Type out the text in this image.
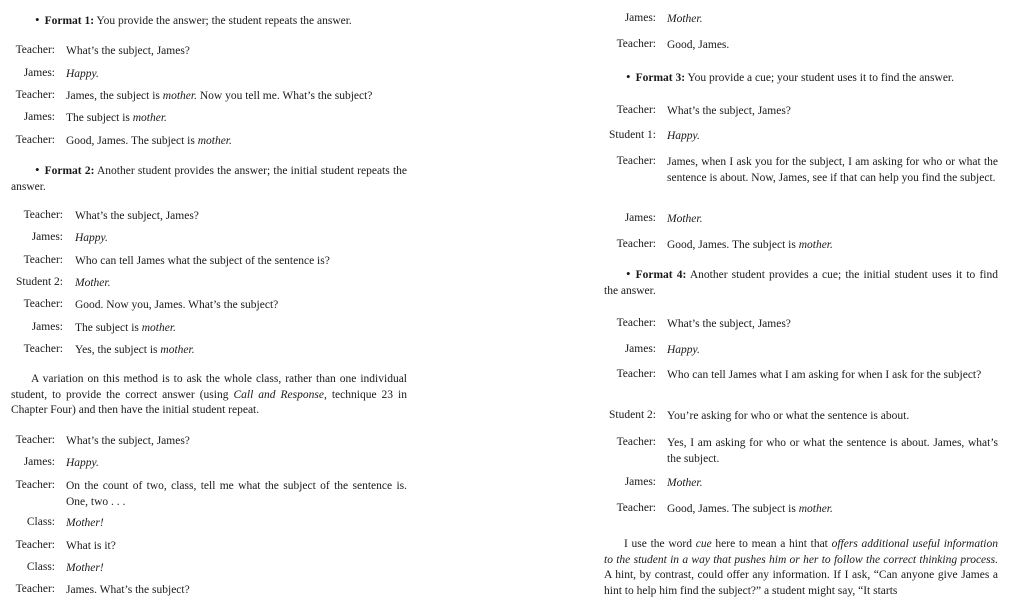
• Format 1: You provide the answer; the student repeats the answer.
Teacher: What’s the subject, James?
James: Happy.
Teacher: James, the subject is mother. Now you tell me. What’s the subject?
James: The subject is mother.
Teacher: Good, James. The subject is mother.
• Format 2: Another student provides the answer; the initial student repeats the answer.
Teacher: What’s the subject, James?
James: Happy.
Teacher: Who can tell James what the subject of the sentence is?
Student 2: Mother.
Teacher: Good. Now you, James. What’s the subject?
James: The subject is mother.
Teacher: Yes, the subject is mother.
A variation on this method is to ask the whole class, rather than one individual student, to provide the correct answer (using Call and Response, technique 23 in Chapter Four) and then have the initial student repeat.
Teacher: What’s the subject, James?
James: Happy.
Teacher: On the count of two, class, tell me what the subject of the sentence is. One, two . . .
Class: Mother!
Teacher: What is it?
Class: Mother!
Teacher: James. What’s the subject?
James: Mother.
Teacher: Good, James.
• Format 3: You provide a cue; your student uses it to find the answer.
Teacher: What’s the subject, James?
Student 1: Happy.
Teacher: James, when I ask you for the subject, I am asking for who or what the sentence is about. Now, James, see if that can help you find the subject.
James: Mother.
Teacher: Good, James. The subject is mother.
• Format 4: Another student provides a cue; the initial student uses it to find the answer.
Teacher: What’s the subject, James?
James: Happy.
Teacher: Who can tell James what I am asking for when I ask for the subject?
Student 2: You’re asking for who or what the sentence is about.
Teacher: Yes, I am asking for who or what the sentence is about. James, what’s the subject.
James: Mother.
Teacher: Good, James. The subject is mother.
I use the word cue here to mean a hint that offers additional useful information to the student in a way that pushes him or her to follow the correct thinking process. A hint, by contrast, could offer any information. If I ask, “Can anyone give James a hint to help him find the subject?” a student might say, “It starts
